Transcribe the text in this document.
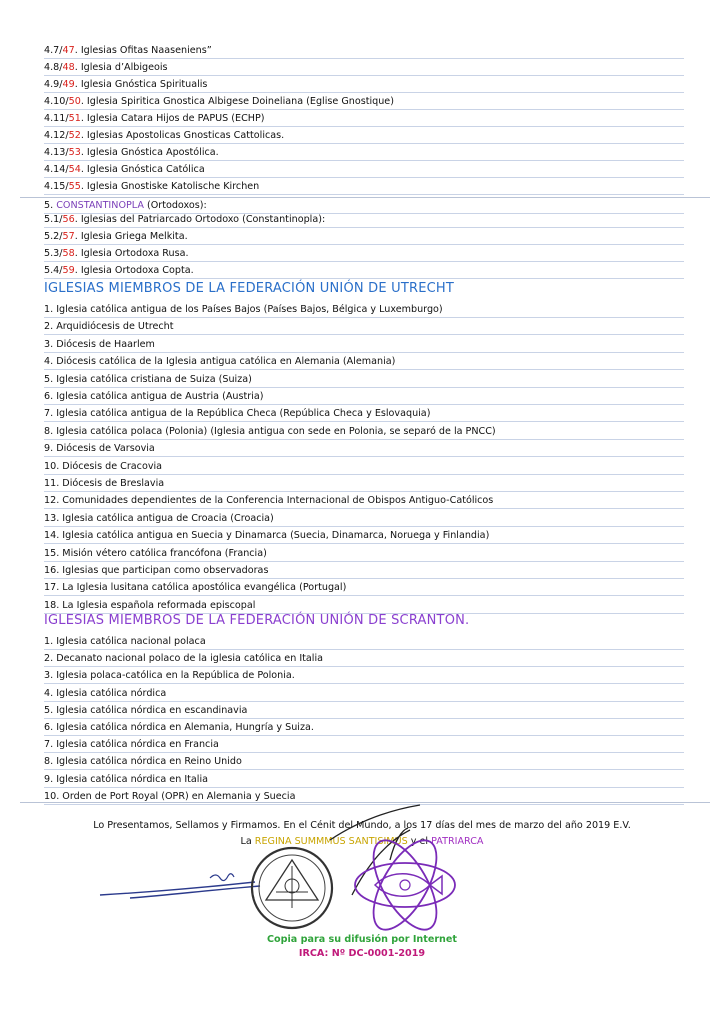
4.7/47. Iglesias Ofitas Naaseniens”
4.8/48. Iglesia d’Albigeois
4.9/49. Iglesia Gnóstica Spiritualis
4.10/50. Iglesia Spiritica Gnostica Albigese Doineliana (Eglise Gnostique)
4.11/51. Iglesia Catara Hijos de PAPUS (ECHP)
4.12/52. Iglesias Apostolicas Gnosticas Cattolicas.
4.13/53. Iglesia Gnóstica Apostólica.
4.14/54. Iglesia Gnóstica Católica
4.15/55. Iglesia Gnostiske Katolische Kirchen
5. CONSTANTINOPLA (Ortodoxos):
5.1/56. Iglesias del Patriarcado Ortodoxo (Constantinopla):
5.2/57. Iglesia Griega Melkita.
5.3/58. Iglesia Ortodoxa Rusa.
5.4/59. Iglesia Ortodoxa Copta.
IGLESIAS MIEMBROS DE LA FEDERACIÓN UNIÓN DE UTRECHT
1. Iglesia católica antigua de los Países Bajos (Países Bajos, Bélgica y Luxemburgo)
2. Arquidiócesis de Utrecht
3. Diócesis de Haarlem
4. Diócesis católica de la Iglesia antigua católica en Alemania (Alemania)
5. Iglesia católica cristiana de Suiza (Suiza)
6. Iglesia católica antigua de Austria (Austria)
7. Iglesia católica antigua de la República Checa (República Checa y Eslovaquia)
8. Iglesia católica polaca (Polonia) (Iglesia antigua con sede en Polonia, se separó de la PNCC)
9. Diócesis de Varsovia
10. Diócesis de Cracovia
11. Diócesis de Breslavia
12. Comunidades dependientes de la Conferencia Internacional de Obispos Antiguo-Católicos
13. Iglesia católica antigua de Croacia (Croacia)
14. Iglesia católica antigua en Suecia y Dinamarca (Suecia, Dinamarca, Noruega y Finlandia)
15. Misión vétero católica francófona (Francia)
16. Iglesias que participan como observadoras
17. La Iglesia lusitana católica apostólica evangélica (Portugal)
18. La Iglesia española reformada episcopal
IGLESIAS MIEMBROS DE LA FEDERACIÓN UNIÓN DE SCRANTON.
1. Iglesia católica nacional polaca
2. Decanato nacional polaco de la iglesia católica en Italia
3. Iglesia polaca-católica en la República de Polonia.
4. Iglesia católica nórdica
5. Iglesia católica nórdica en escandinavia
6. Iglesia católica nórdica en Alemania, Hungría y Suiza.
7. Iglesia católica nórdica en Francia
8. Iglesia católica nórdica en Reino Unido
9. Iglesia católica nórdica en Italia
10. Orden de Port Royal (OPR) en Alemania y Suecia
Lo Presentamos, Sellamos y Firmamos. En el Cénit del Mundo, a los 17 días del mes de marzo del año 2019 E.V.
La REGINA SUMMMUS SANTISIMUS y el PATRIARCA
Copia para su difusión por Internet
IRCA: Nº DC-0001-2019
